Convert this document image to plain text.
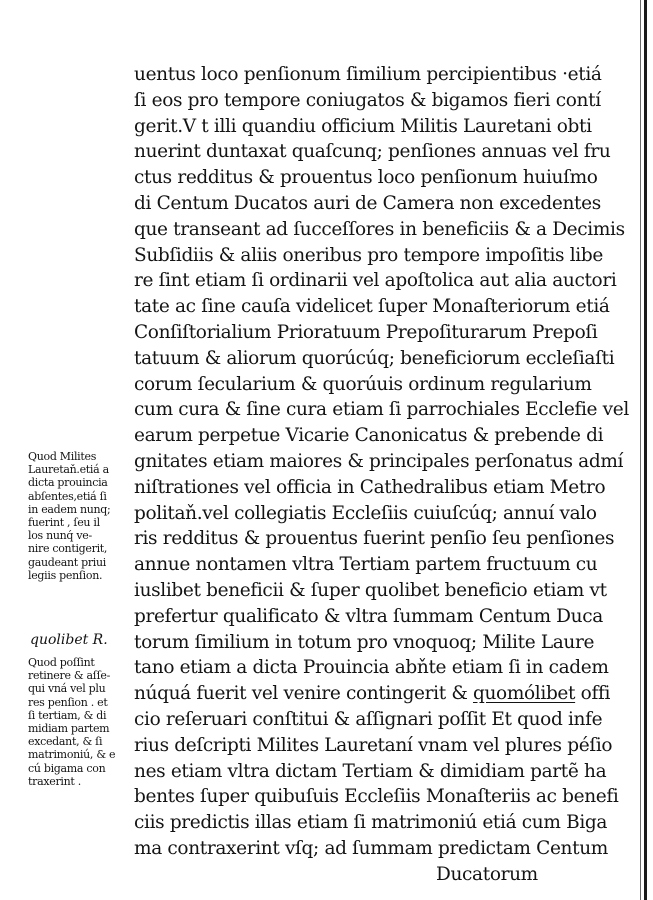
Quod Milites
Lauretaň.etiá a
dicta prouincia
abſentes,etiá ſi
in eadem nunq;
fuerint , ſeu il
los nunq́ ve-
nire contigerit,
gaudeant priui
legiis penſion.
quolibet R.
Quod poſſint
retinere & aſſe-
qui vná vel plu
res penſion . et
ſi tertiam, & di
midiam partem
excedant, & ſi
matrimoniú, & e
cú bigama con
traxerint .
uentus loco penſionum ſimilium percipientibus ·etiá
ſi eos pro tempore coniugatos & bigamos fieri contí
gerit.V t illi quandiu officium Militis Lauretani obti
nuerint duntaxat quaſcunq; penſiones annuas vel fru
ctus redditus & prouentus loco penſionum huiuſmo
di Centum Ducatos auri de Camera non excedentes
que transeant ad ſucceſſores in beneficiis & a Decimis
Subſidiis & aliis oneribus pro tempore impoſitis libe
re ſint etiam ſi ordinarii vel apoſtolica aut alia auctori
tate ac ſine cauſa videlicet ſuper Monaſteriorum etiá
Conſiſtorialium Prioratuum Prepoſiturarum Prepoſi
tatuum & aliorum quorúcúq; beneficiorum eccleſiaſti
corum ſecularium & quorúuis ordinum regularium
cum cura & ſine cura etiam ſi parrochiales Ecclefie vel
earum perpetue Vicarie Canonicatus & prebende di
gnitates etiam maiores & principales perſonatus admí
niſtrationes vel officia in Cathedralibus etiam Metro
politaň.vel collegiatis Eccleſiis cuiuſcúq; annuí valo
ris redditus & prouentus fuerint penſio ſeu penſiones
annue nontamen vltra Tertiam partem fructuum cu
iuslibet beneficii & ſuper quolibet beneficio etiam vt
prefertur qualificato & vltra ſummam Centum Duca
torum ſimilium in totum pro vnoquoq; Milite Laure
tano etiam a dicta Prouincia abňte etiam ſi in cadem
núquá fuerit vel venire contingerit & quomólibet offi
cio reſeruari conſtitui & aſſignari poſſit Et quod infe
rius deſcripti Milites Lauretaní vnam vel plures péſio
nes etiam vltra dictam Tertiam & dimidiam partẽ ha
bentes ſuper quibuſuis Eccleſiis Monaſteriis ac benefi
ciis predictis illas etiam ſi matrimoniú etiá cum Biga
ma contraxerint vſq; ad ſummam predictam Centum
Ducatorum
